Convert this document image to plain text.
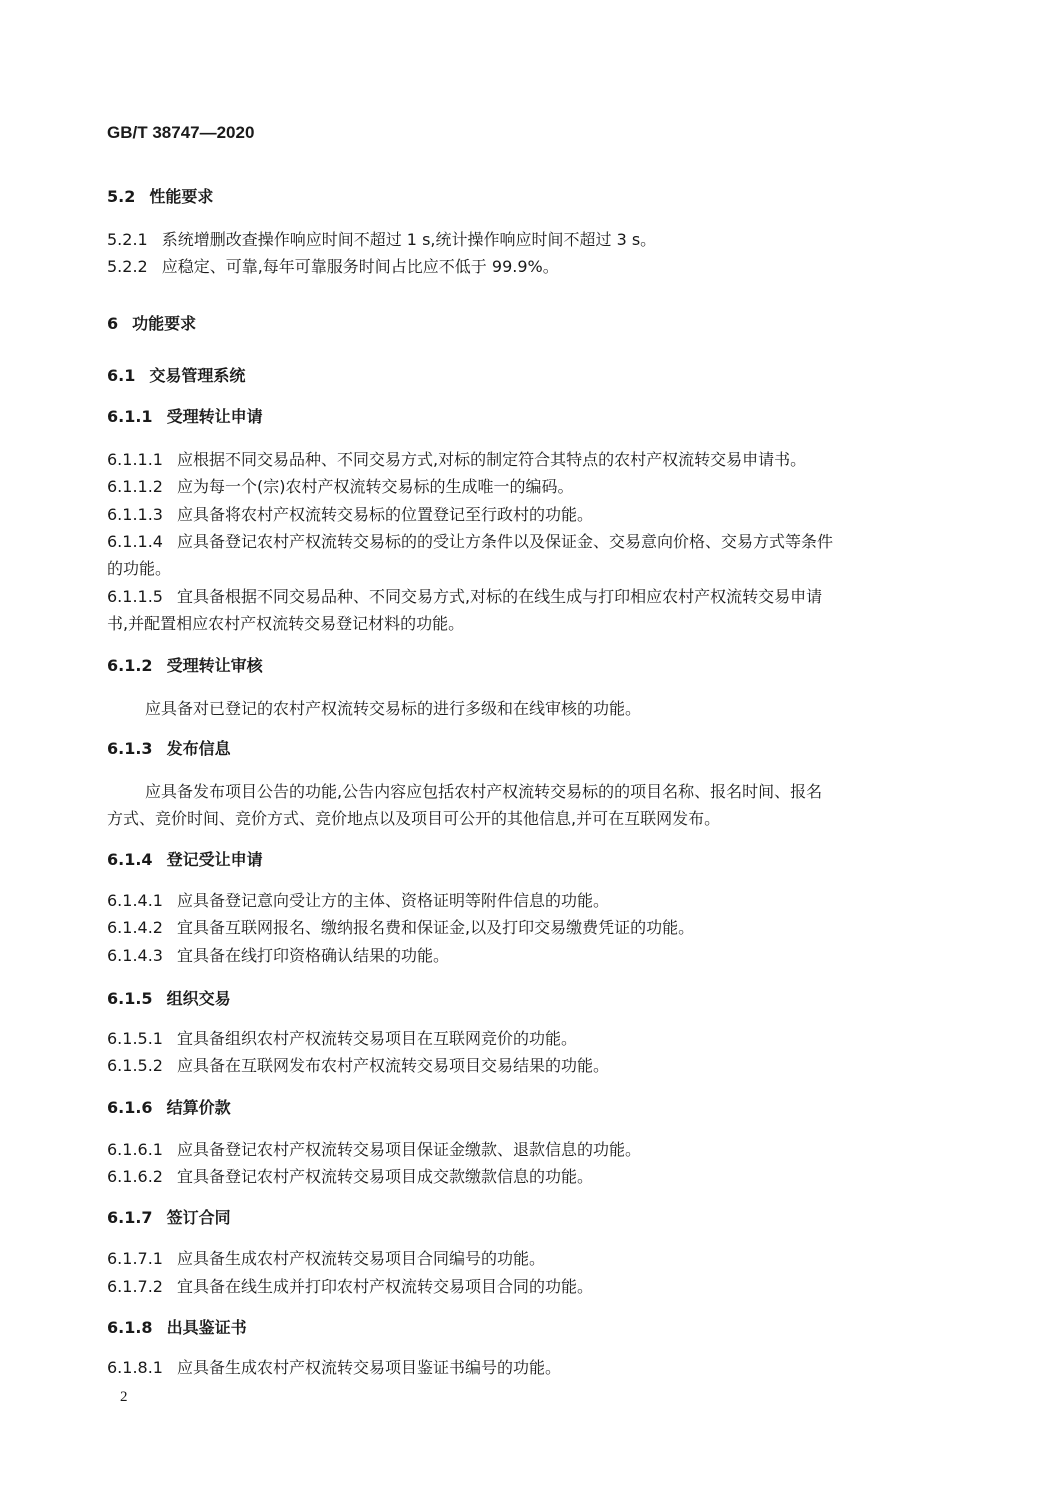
GB/T 38747—2020
5.2 性能要求
5.2.1 系统增删改查操作响应时间不超过 1 s,统计操作响应时间不超过 3 s。
5.2.2 应稳定、可靠,每年可靠服务时间占比应不低于 99.9%。
6 功能要求
6.1 交易管理系统
6.1.1 受理转让申请
6.1.1.1 应根据不同交易品种、不同交易方式,对标的制定符合其特点的农村产权流转交易申请书。
6.1.1.2 应为每一个(宗)农村产权流转交易标的生成唯一的编码。
6.1.1.3 应具备将农村产权流转交易标的位置登记至行政村的功能。
6.1.1.4 应具备登记农村产权流转交易标的的受让方条件以及保证金、交易意向价格、交易方式等条件
的功能。
6.1.1.5 宜具备根据不同交易品种、不同交易方式,对标的在线生成与打印相应农村产权流转交易申请
书,并配置相应农村产权流转交易登记材料的功能。
6.1.2 受理转让审核
应具备对已登记的农村产权流转交易标的进行多级和在线审核的功能。
6.1.3 发布信息
应具备发布项目公告的功能,公告内容应包括农村产权流转交易标的的项目名称、报名时间、报名
方式、竞价时间、竞价方式、竞价地点以及项目可公开的其他信息,并可在互联网发布。
6.1.4 登记受让申请
6.1.4.1 应具备登记意向受让方的主体、资格证明等附件信息的功能。
6.1.4.2 宜具备互联网报名、缴纳报名费和保证金,以及打印交易缴费凭证的功能。
6.1.4.3 宜具备在线打印资格确认结果的功能。
6.1.5 组织交易
6.1.5.1 宜具备组织农村产权流转交易项目在互联网竞价的功能。
6.1.5.2 应具备在互联网发布农村产权流转交易项目交易结果的功能。
6.1.6 结算价款
6.1.6.1 应具备登记农村产权流转交易项目保证金缴款、退款信息的功能。
6.1.6.2 宜具备登记农村产权流转交易项目成交款缴款信息的功能。
6.1.7 签订合同
6.1.7.1 应具备生成农村产权流转交易项目合同编号的功能。
6.1.7.2 宜具备在线生成并打印农村产权流转交易项目合同的功能。
6.1.8 出具鉴证书
6.1.8.1 应具备生成农村产权流转交易项目鉴证书编号的功能。
2
